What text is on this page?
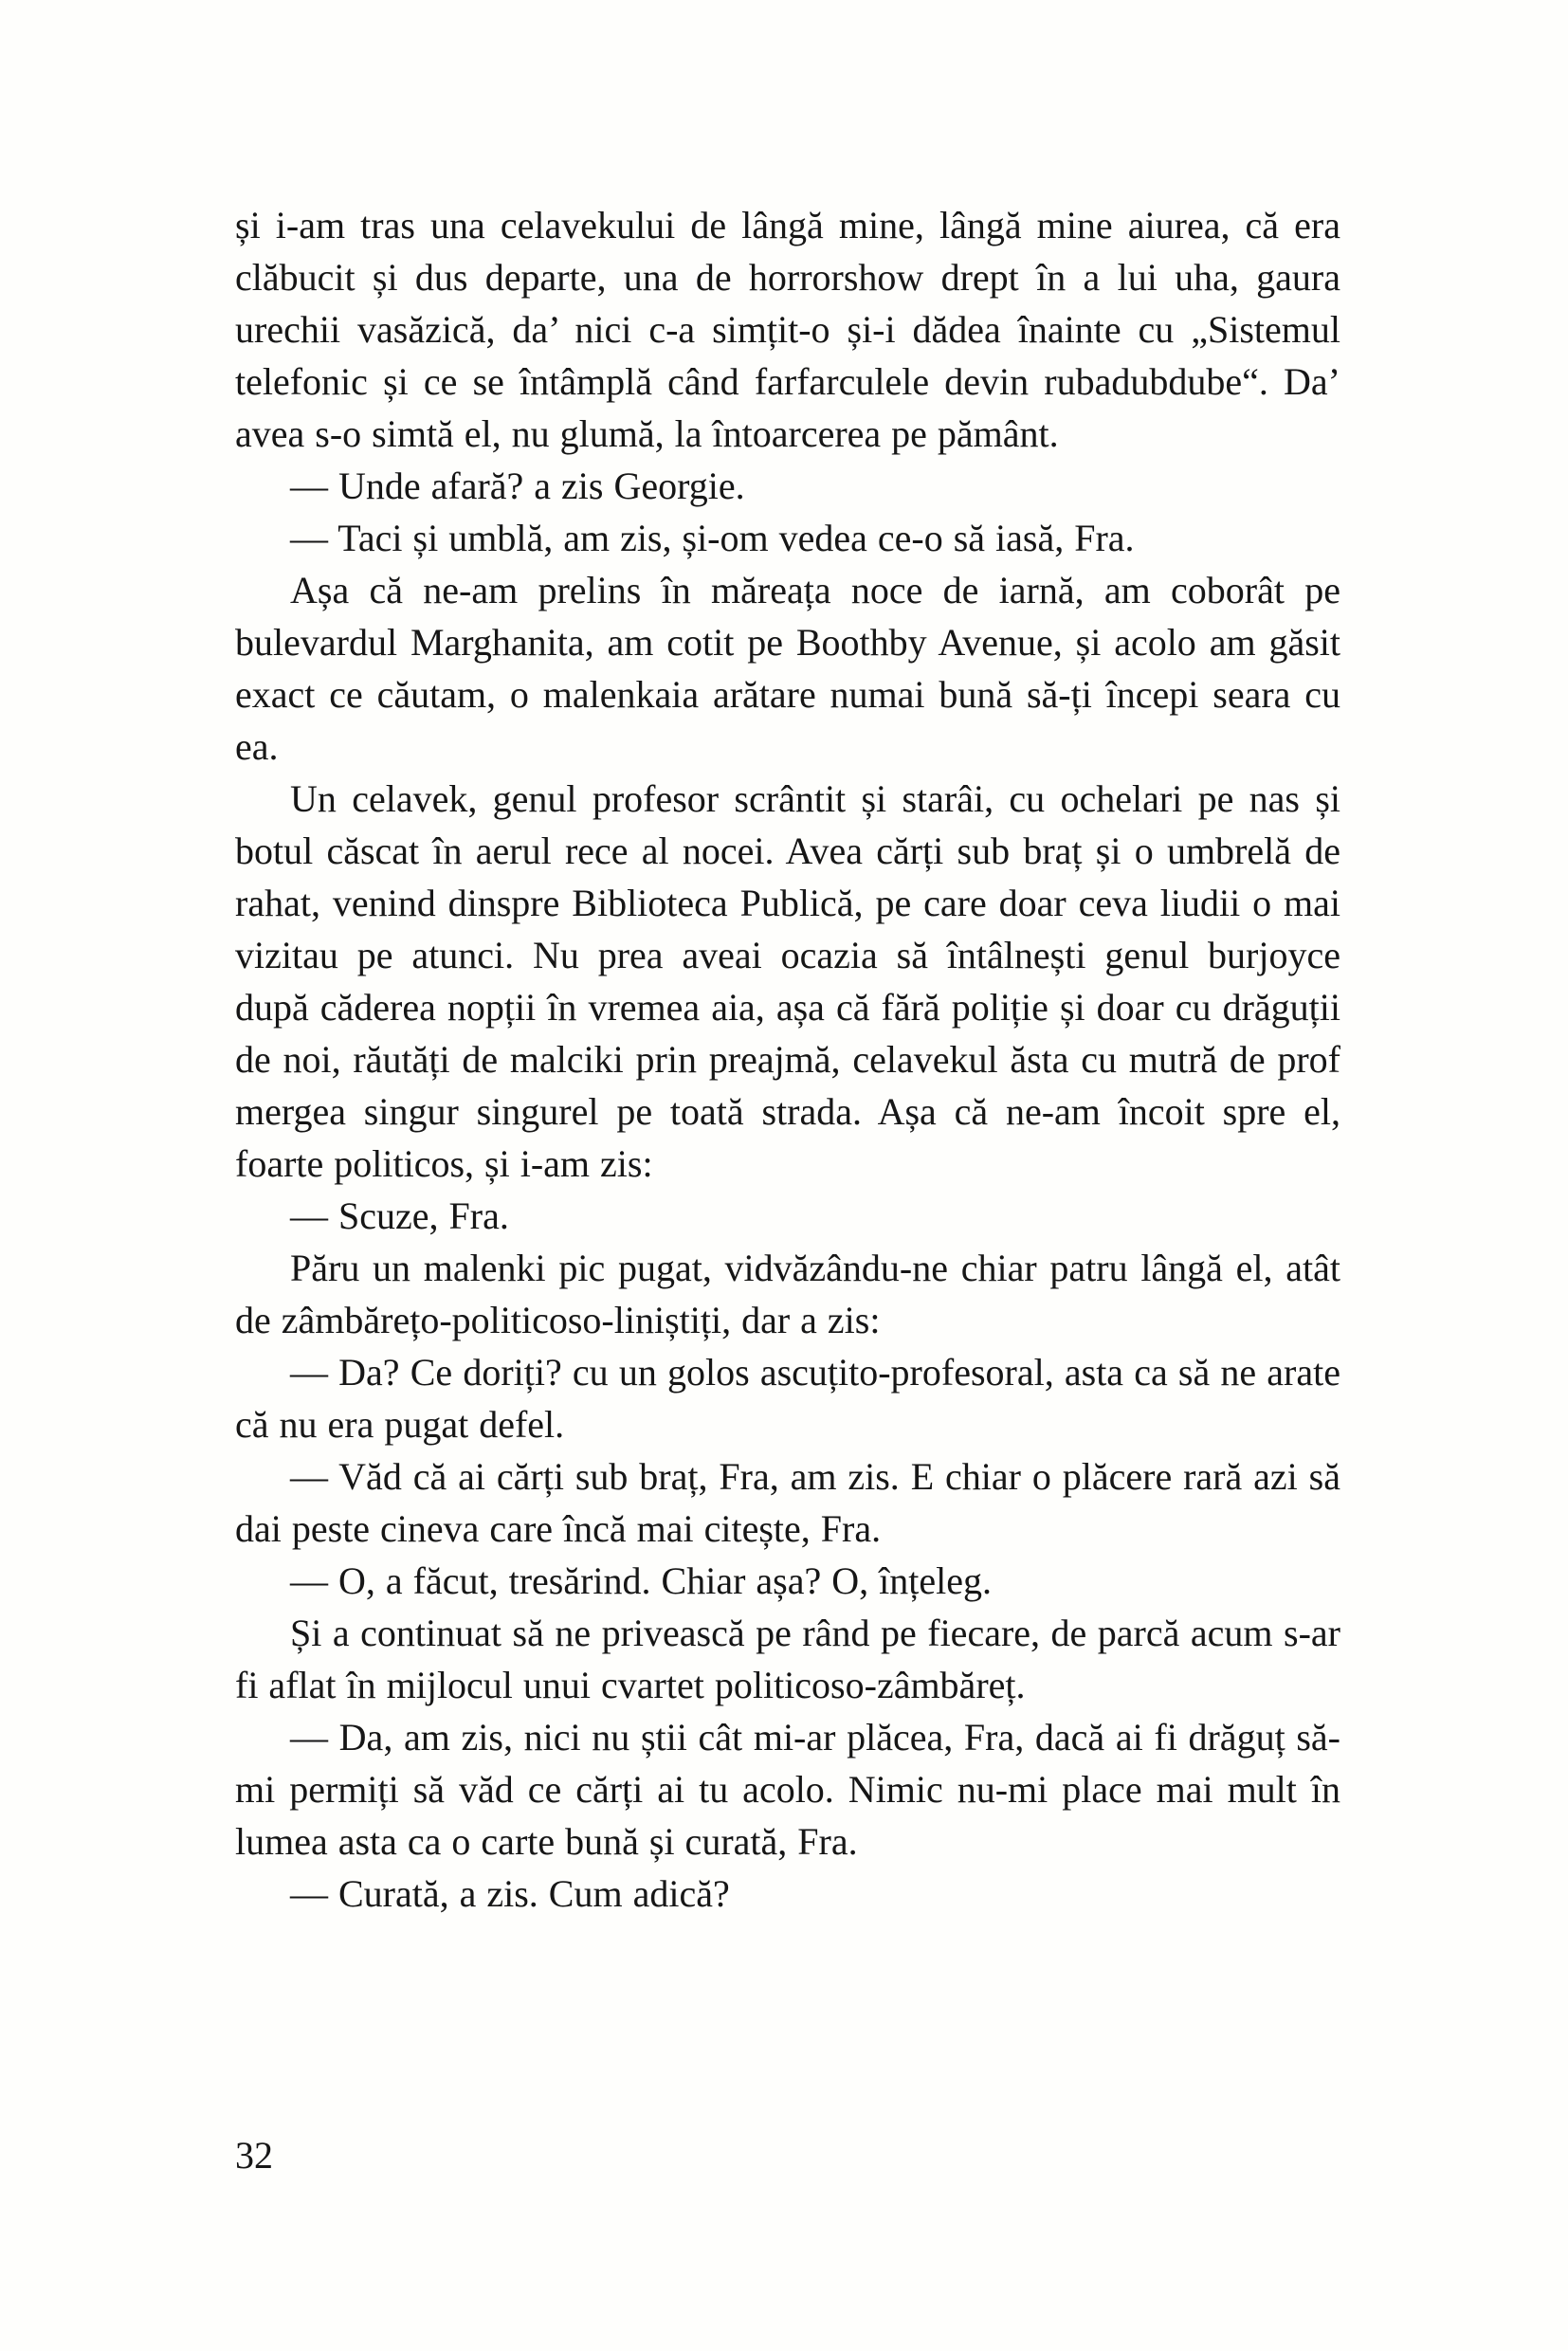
și i-am tras una celavekului de lângă mine, lângă mine aiurea, că era clăbucit și dus departe, una de horrorshow drept în a lui uha, gaura urechii vasăzică, da’ nici c-a simțit-o și-i dădea înainte cu „Sistemul telefonic și ce se întâmplă când farfarculele devin rubadubdube“. Da’ avea s-o simtă el, nu glumă, la întoarcerea pe pământ.

— Unde afară? a zis Georgie.

— Taci și umblă, am zis, și-om vedea ce-o să iasă, Fra.

Așa că ne-am prelins în măreața noce de iarnă, am coborât pe bulevardul Marghanita, am cotit pe Boothby Avenue, și acolo am găsit exact ce căutam, o malenkaia arătare numai bună să-ți începi seara cu ea.

Un celavek, genul profesor scrântit și starâi, cu ochelari pe nas și botul căscat în aerul rece al nocei. Avea cărți sub braț și o umbrelă de rahat, venind dinspre Biblioteca Publică, pe care doar ceva liudii o mai vizitau pe atunci. Nu prea aveai ocazia să întâlnești genul burjoyce după căderea nopții în vremea aia, așa că fără poliție și doar cu drăguții de noi, răutăți de malciki prin preajmă, celavekul ăsta cu mutră de prof mergea singur singurel pe toată strada. Așa că ne-am încoit spre el, foarte politicos, și i-am zis:

— Scuze, Fra.

Păru un malenki pic pugat, vidvăzându-ne chiar patru lângă el, atât de zâmbărețo-politicoso-liniștiți, dar a zis:

— Da? Ce doriți? cu un golos ascuțito-profesoral, asta ca să ne arate că nu era pugat defel.

— Văd că ai cărți sub braț, Fra, am zis. E chiar o plăcere rară azi să dai peste cineva care încă mai citește, Fra.

— O, a făcut, tresărind. Chiar așa? O, înțeleg.

Și a continuat să ne privească pe rând pe fiecare, de parcă acum s-ar fi aflat în mijlocul unui cvartet politicoso-zâmbăreț.

— Da, am zis, nici nu știi cât mi-ar plăcea, Fra, dacă ai fi drăguț să-mi permiți să văd ce cărți ai tu acolo. Nimic nu-mi place mai mult în lumea asta ca o carte bună și curată, Fra.

— Curată, a zis. Cum adică?

32
